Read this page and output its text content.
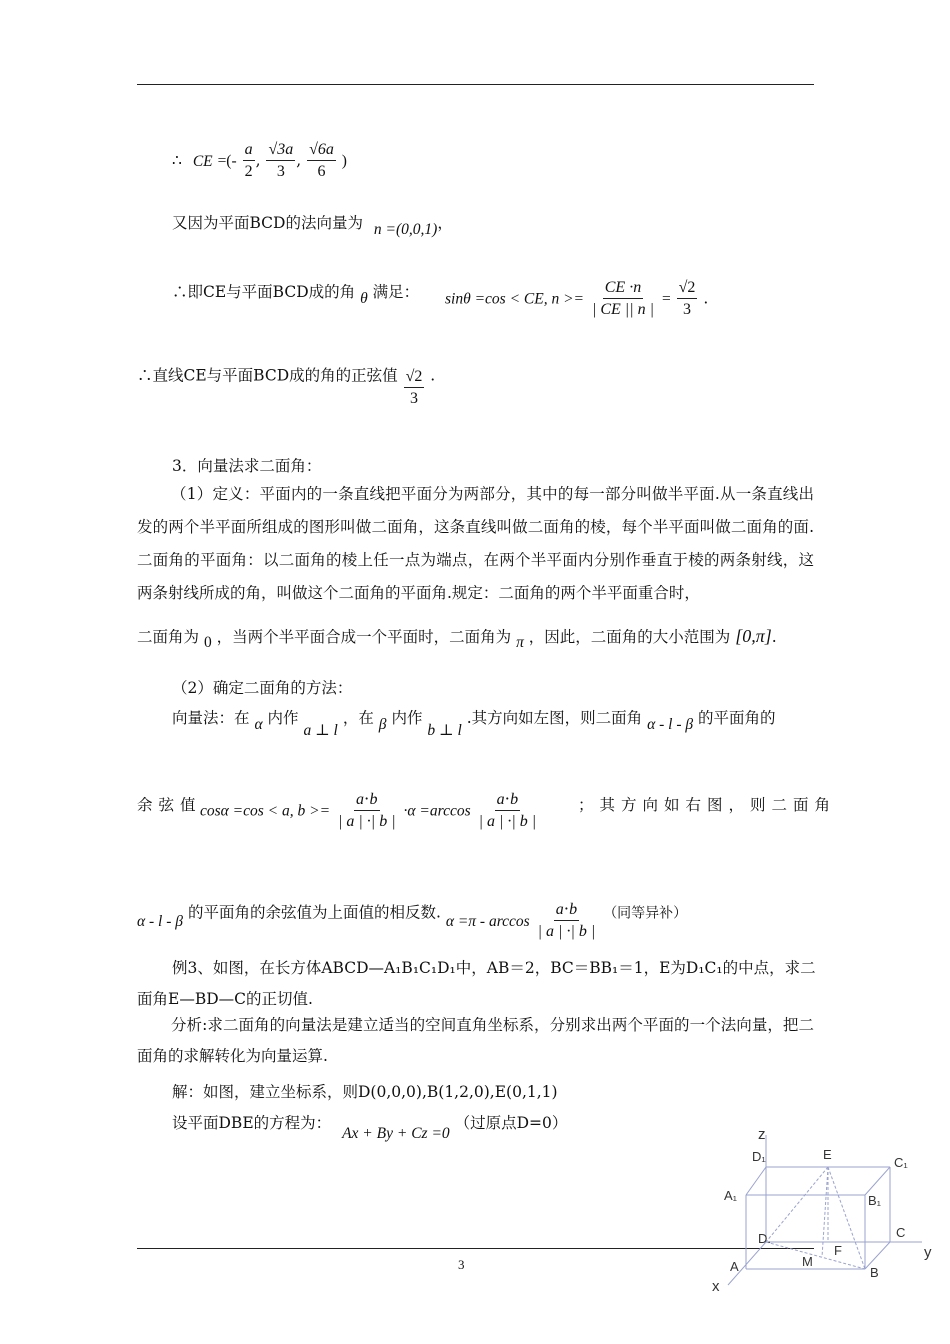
∴ CE =(- $\frac{a}{2}$ , $\frac{√3a}{3}$ , $\frac{√6a}{6}$ )
又因为平面BCD的法向量为 n =(0,0,1)，
∴即CE与平面BCD成的角 θ 满足： sinθ =cos < CE, $n >= \frac{CE \cdot n}{| CE || n |} = \frac{√2}{3}$ .
∴直线CE与平面BCD成的角的正弦值 $\frac{√2}{3}$ .
3．向量法求二面角：
（1）定义：平面内的一条直线把平面分为两部分，其中的每一部分叫做半平面.从一条直线出发的两个半平面所组成的图形叫做二面角，这条直线叫做二面角的棱，每个半平面叫做二面角的面.二面角的平面角：以二面角的棱上任一点为端点，在两个半平面内分别作垂直于棱的两条射线，这两条射线所成的角，叫做这个二面角的平面角.规定：二面角的两个半平面重合时，
二面角为 0 ，当两个半平面合成一个平面时，二面角为 π ，因此，二面角的大小范围为 [0,π].
（2）确定二面角的方法：
向量法：在 α 内作 a ⊥ l ，在 β 内作 b ⊥ l .其方向如左图，则二面角 α - l - β 的平面角的
余弦值
cosα =cos < a, $b >= \frac{a\cdot b}{| a | \cdot| b |} \cdot\alpha =\arccos \frac{a\cdot b}{| a | \cdot| b |}$	；其方向如右图，则二面角
α - l - β 的平面角的余弦值为上面值的相反数. $\alpha =\pi - \arccos \frac{a\cdot b}{| a | \cdot| b |}$ （同等异补）
例3、如图，在长方体ABCD—A₁B₁C₁D₁中，AB＝2，BC＝BB₁＝1，E为D₁C₁的中点，求二
面角E—BD—C的正切值.
分析:求二面角的向量法是建立适当的空间直角坐标系，分别求出两个平面的一个法向量，把二面角的求解转化为向量运算.
解：如图，建立坐标系，则D(0,0,0),B(1,2,0),E(0,1,1)
设平面DBE的方程为： Ax + By + Cz =0 （过原点D=0）
3
z
D₁	E
C₁
A₁	B₁
D.	C
y
F
M
A	B
x
